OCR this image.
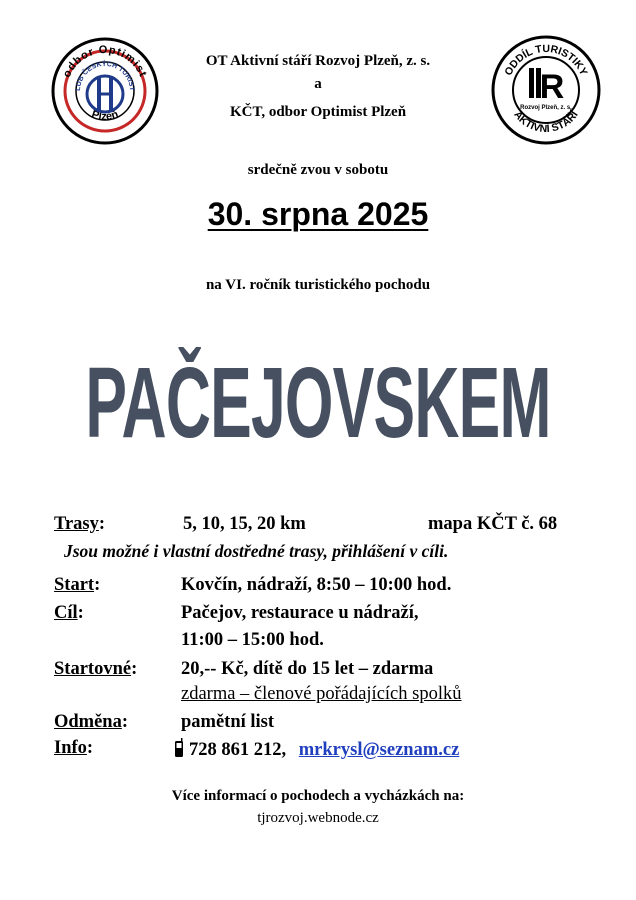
odbor Optimist
LUB ČESKÝCH TURIST
Plzeň
ODDÍL TURISTIKY
AKTIVNÍ STÁŘÍ
R
Rozvoj Plzeň, z. s.
OT Aktivní stáří Rozvoj Plzeň, z. s.
a
KČT, odbor Optimist Plzeň
srdečně zvou v sobotu
30. srpna 2025
na VI. ročník turistického pochodu
PAČEJOVSKEM
Trasy:	5, 10, 15, 20 km	mapa KČT č. 68
Jsou možné i vlastní dostředné trasy, přihlášení v cíli.
Start:	Kovčín, nádraží, 8:50 – 10:00 hod.
Cíl:	Pačejov, restaurace u nádraží,
11:00 – 15:00 hod.
Startovné: 20,-- Kč, dítě do 15 let – zdarma
zdarma – členové pořádajících spolků
Odměna:	pamětní list
Info:	728 861 212, mrkrysl@seznam.cz
Více informací o pochodech a vycházkách na:
tjrozvoj.webnode.cz
